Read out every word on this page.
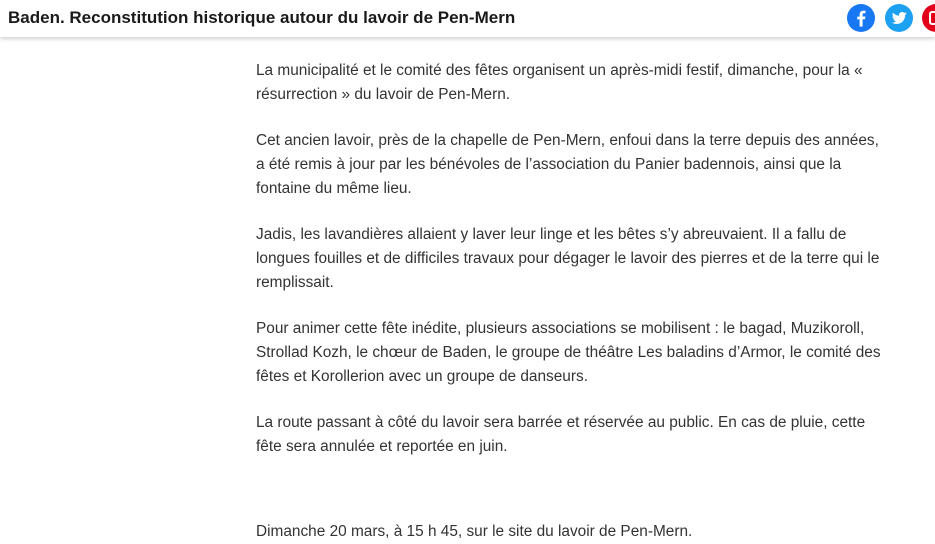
Baden. Reconstitution historique autour du lavoir de Pen-Mern

La municipalité et le comité des fêtes organisent un après-midi festif, dimanche, pour la « résurrection » du lavoir de Pen-Mern.

Cet ancien lavoir, près de la chapelle de Pen-Mern, enfoui dans la terre depuis des années, a été remis à jour par les bénévoles de l’association du Panier badennois, ainsi que la fontaine du même lieu.

Jadis, les lavandières allaient y laver leur linge et les bêtes s’y abreuvaient. Il a fallu de longues fouilles et de difficiles travaux pour dégager le lavoir des pierres et de la terre qui le remplissait.

Pour animer cette fête inédite, plusieurs associations se mobilisent : le bagad, Muzikoroll, Strollad Kozh, le chœur de Baden, le groupe de théâtre Les baladins d’Armor, le comité des fêtes et Korollerion avec un groupe de danseurs.

La route passant à côté du lavoir sera barrée et réservée au public. En cas de pluie, cette fête sera annulée et reportée en juin.

Dimanche 20 mars, à 15 h 45, sur le site du lavoir de Pen-Mern.
